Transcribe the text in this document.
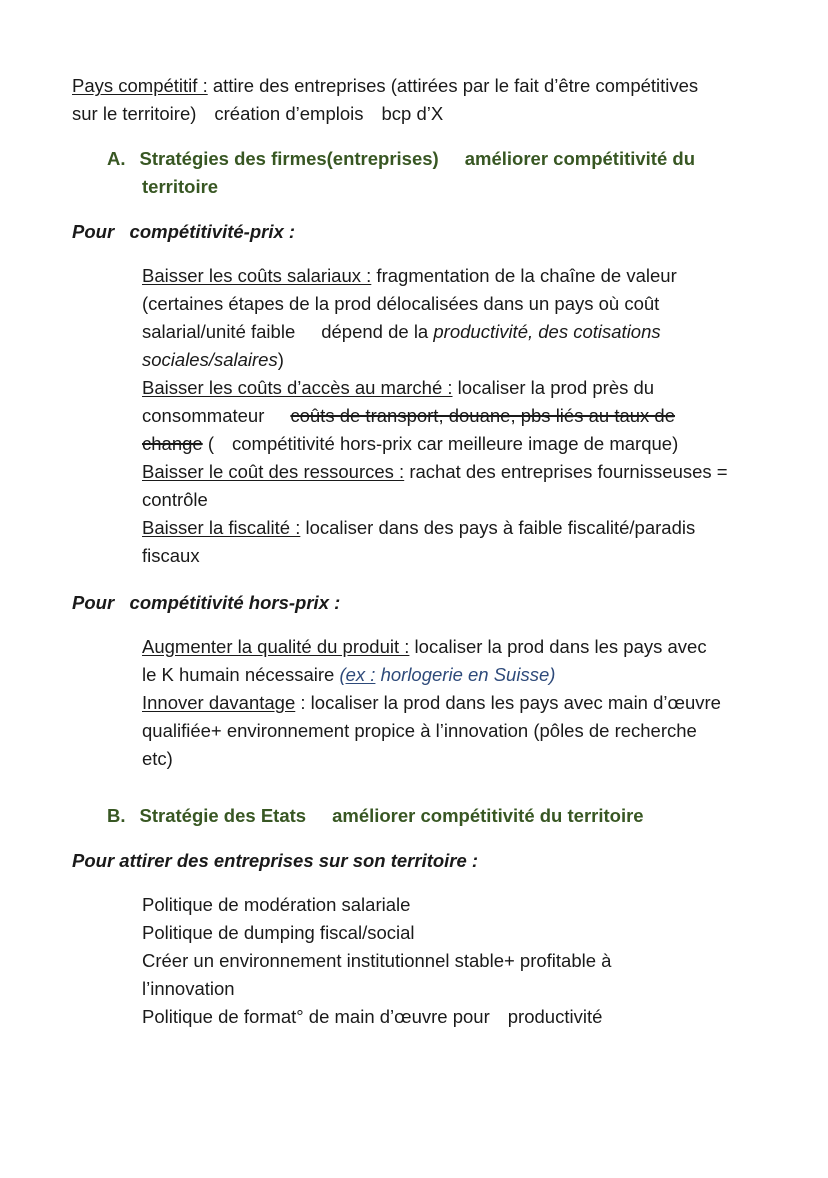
Pays compétitif : attire des entreprises (attirées par le fait d’être compétitives
sur le territoire) création d’emplois bcp d’X
A. Stratégies des firmes(entreprises) améliorer compétitivité du
territoire
Pour   compétitivité-prix :
Baisser les coûts salariaux : fragmentation de la chaîne de valeur
(certaines étapes de la prod délocalisées dans un pays où coût
salarial/unité faible dépend de la productivité, des cotisations
sociales/salaires)
Baisser les coûts d’accès au marché : localiser la prod près du
consommateur coûts de transport, douane, pbs liés au taux de
change ( compétitivité hors-prix car meilleure image de marque)
Baisser le coût des ressources : rachat des entreprises fournisseuses =
contrôle
Baisser la fiscalité : localiser dans des pays à faible fiscalité/paradis
fiscaux
Pour   compétitivité hors-prix :
Augmenter la qualité du produit : localiser la prod dans les pays avec
le K humain nécessaire (ex : horlogerie en Suisse)
Innover davantage : localiser la prod dans les pays avec main d’œuvre
qualifiée+ environnement propice à l’innovation (pôles de recherche
etc)
B. Stratégie des Etats améliorer compétitivité du territoire
Pour attirer des entreprises sur son territoire :
Politique de modération salariale
Politique de dumping fiscal/social
Créer un environnement institutionnel stable+ profitable à
l’innovation
Politique de format° de main d’œuvre pour productivité
